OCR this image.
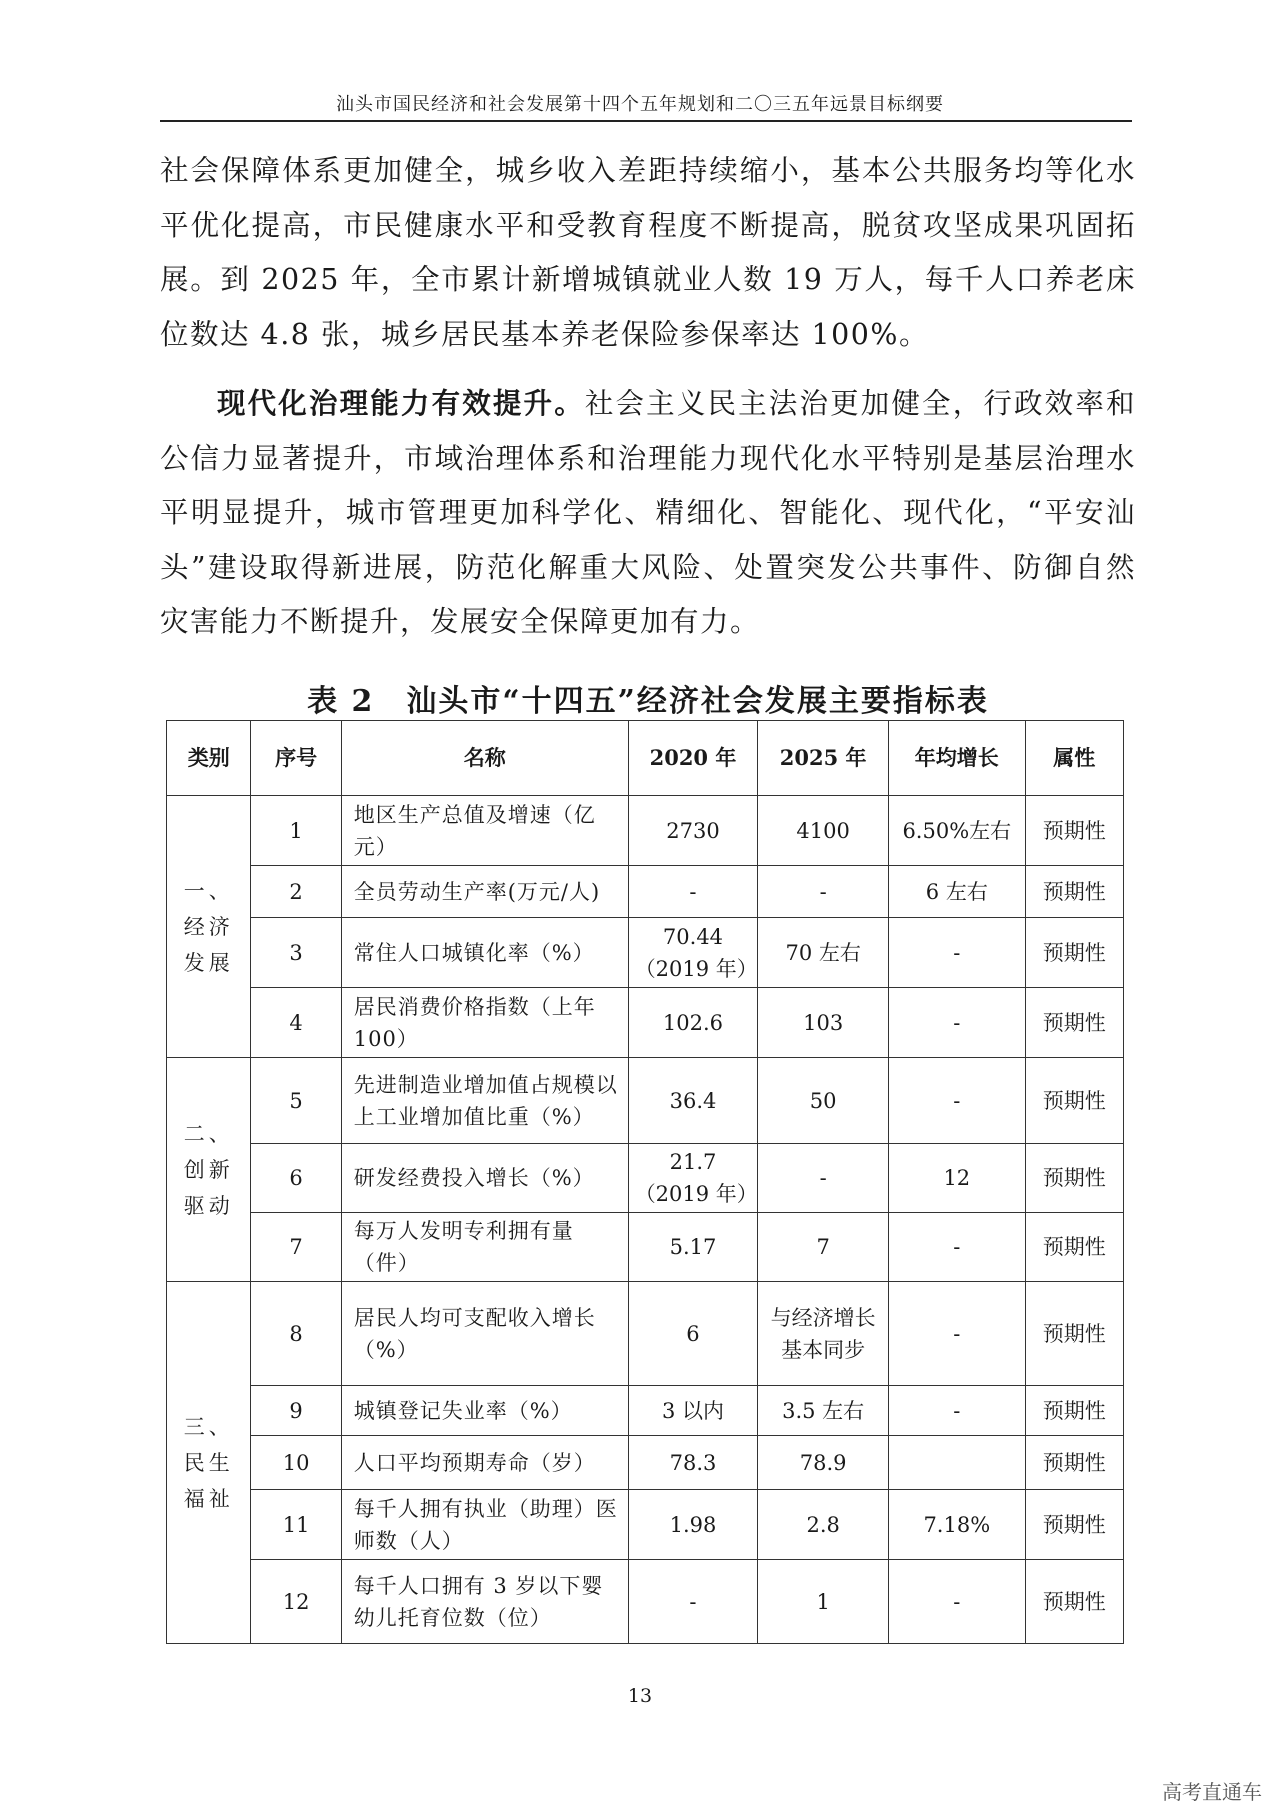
汕头市国民经济和社会发展第十四个五年规划和二〇三五年远景目标纲要

社会保障体系更加健全，城乡收入差距持续缩小，基本公共服务均等化水平优化提高，市民健康水平和受教育程度不断提高，脱贫攻坚成果巩固拓展。到 2025 年，全市累计新增城镇就业人数 19 万人，每千人口养老床位数达 4.8 张，城乡居民基本养老保险参保率达 100%。

现代化治理能力有效提升。社会主义民主法治更加健全，行政效率和公信力显著提升，市域治理体系和治理能力现代化水平特别是基层治理水平明显提升，城市管理更加科学化、精细化、智能化、现代化，“平安汕头”建设取得新进展，防范化解重大风险、处置突发公共事件、防御自然灾害能力不断提升，发展安全保障更加有力。

表 2　汕头市“十四五”经济社会发展主要指标表
类别	序号	名称	2020 年	2025 年	年均增长	属性
一、经济发展	1	地区生产总值及增速（亿元）	2730	4100	6.50%左右	预期性
	2	全员劳动生产率(万元/人)	-	-	6 左右	预期性
	3	常住人口城镇化率（%）	70.44（2019 年）	70 左右	-	预期性
	4	居民消费价格指数（上年 100）	102.6	103	-	预期性
二、创新驱动	5	先进制造业增加值占规模以上工业增加值比重（%）	36.4	50	-	预期性
	6	研发经费投入增长（%）	21.7（2019 年）	-	12	预期性
	7	每万人发明专利拥有量（件）	5.17	7	-	预期性
三、民生福祉	8	居民人均可支配收入增长（%）	6	与经济增长基本同步	-	预期性
	9	城镇登记失业率（%）	3 以内	3.5 左右	-	预期性
	10	人口平均预期寿命（岁）	78.3	78.9		预期性
	11	每千人拥有执业（助理）医师数（人）	1.98	2.8	7.18%	预期性
	12	每千人口拥有 3 岁以下婴幼儿托育位数（位）	-	1	-	预期性
13
高考直通车
